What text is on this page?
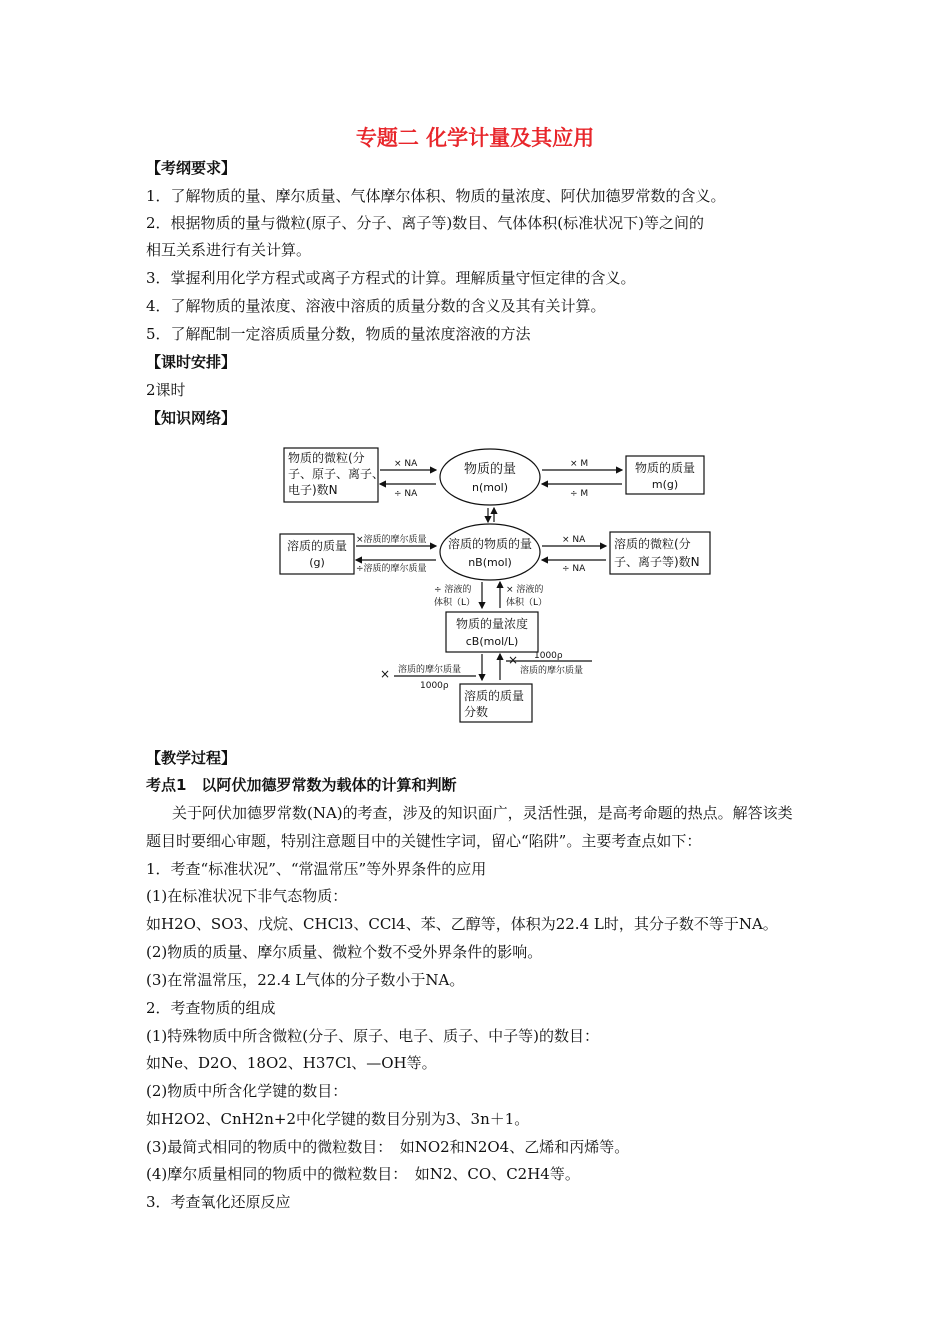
专题二 化学计量及其应用
【考纲要求】
1．了解物质的量、摩尔质量、气体摩尔体积、物质的量浓度、阿伏加德罗常数的含义。
2．根据物质的量与微粒(原子、分子、离子等)数目、气体体积(标准状况下)等之间的
相互关系进行有关计算。
3．掌握利用化学方程式或离子方程式的计算。理解质量守恒定律的含义。
4．了解物质的量浓度、溶液中溶质的质量分数的含义及其有关计算。
5．了解配制一定溶质质量分数，物质的量浓度溶液的方法
【课时安排】
2课时
【知识网络】
物质的微粒(分
子、原子、离子、
电子)数N
物质的量
n(mol)
物质的质量
m(g)
溶质的质量
(g)
溶质的物质的量
nB(mol)
溶质的微粒(分
子、离子等)数N
物质的量浓度
cB(mol/L)
溶质的质量
分数
× NA
÷ NA
× M
÷ M
×溶质的摩尔质量
÷溶质的摩尔质量
× NA
÷ NA
÷ 溶液的
体积（L）
× 溶液的
体积（L）
× 溶质的摩尔质量
1000ρ
× 1000ρ
溶质的摩尔质量
【教学过程】
考点1　以阿伏加德罗常数为载体的计算和判断
关于阿伏加德罗常数(NA)的考查，涉及的知识面广，灵活性强，是高考命题的热点。解答该类
题目时要细心审题，特别注意题目中的关键性字词，留心“陷阱”。主要考查点如下：
1．考查“标准状况”、“常温常压”等外界条件的应用
(1)在标准状况下非气态物质：
如H2O、SO3、戊烷、CHCl3、CCl4、苯、乙醇等，体积为22.4 L时，其分子数不等于NA。
(2)物质的质量、摩尔质量、微粒个数不受外界条件的影响。
(3)在常温常压，22.4 L气体的分子数小于NA。
2．考查物质的组成
(1)特殊物质中所含微粒(分子、原子、电子、质子、中子等)的数目：
如Ne、D2O、18O2、H37Cl、—OH等。
(2)物质中所含化学键的数目：
如H2O2、CnH2n+2中化学键的数目分别为3、3n＋1。
(3)最简式相同的物质中的微粒数目：　如NO2和N2O4、乙烯和丙烯等。
(4)摩尔质量相同的物质中的微粒数目：　如N2、CO、C2H4等。
3．考查氧化还原反应
